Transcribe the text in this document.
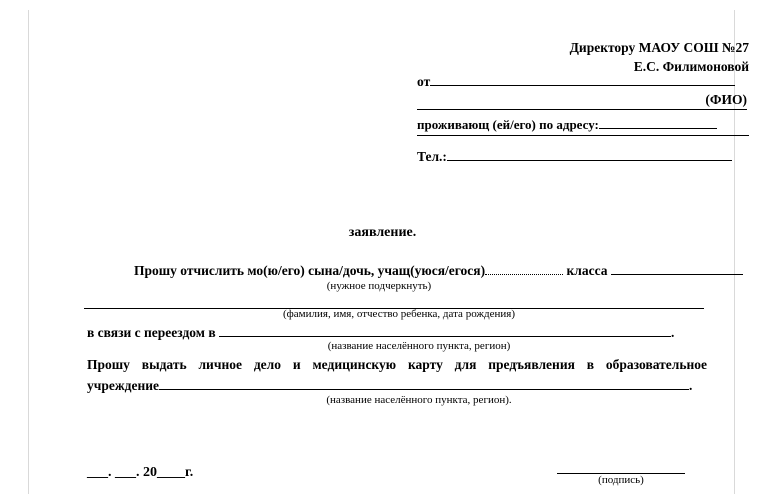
Директору МАОУ СОШ №27
Е.С. Филимоновой
от
(ФИО)
проживающ (ей/его) по адресу:
Тел.:
заявление.
Прошу отчислить мо(ю/его) сына/дочь, учащ(уюся/егося)	класса
(нужное подчеркнуть)
(фамилия, имя, отчество ребенка, дата рождения)
в связи с переездом в	.
(название населённого пункта, регион)
Прошу выдать личное дело и медицинскую карту для предъявления в образовательное
учреждение	.
(название населённого пункта, регион).
___. ___. 20____г.	(подпись)
